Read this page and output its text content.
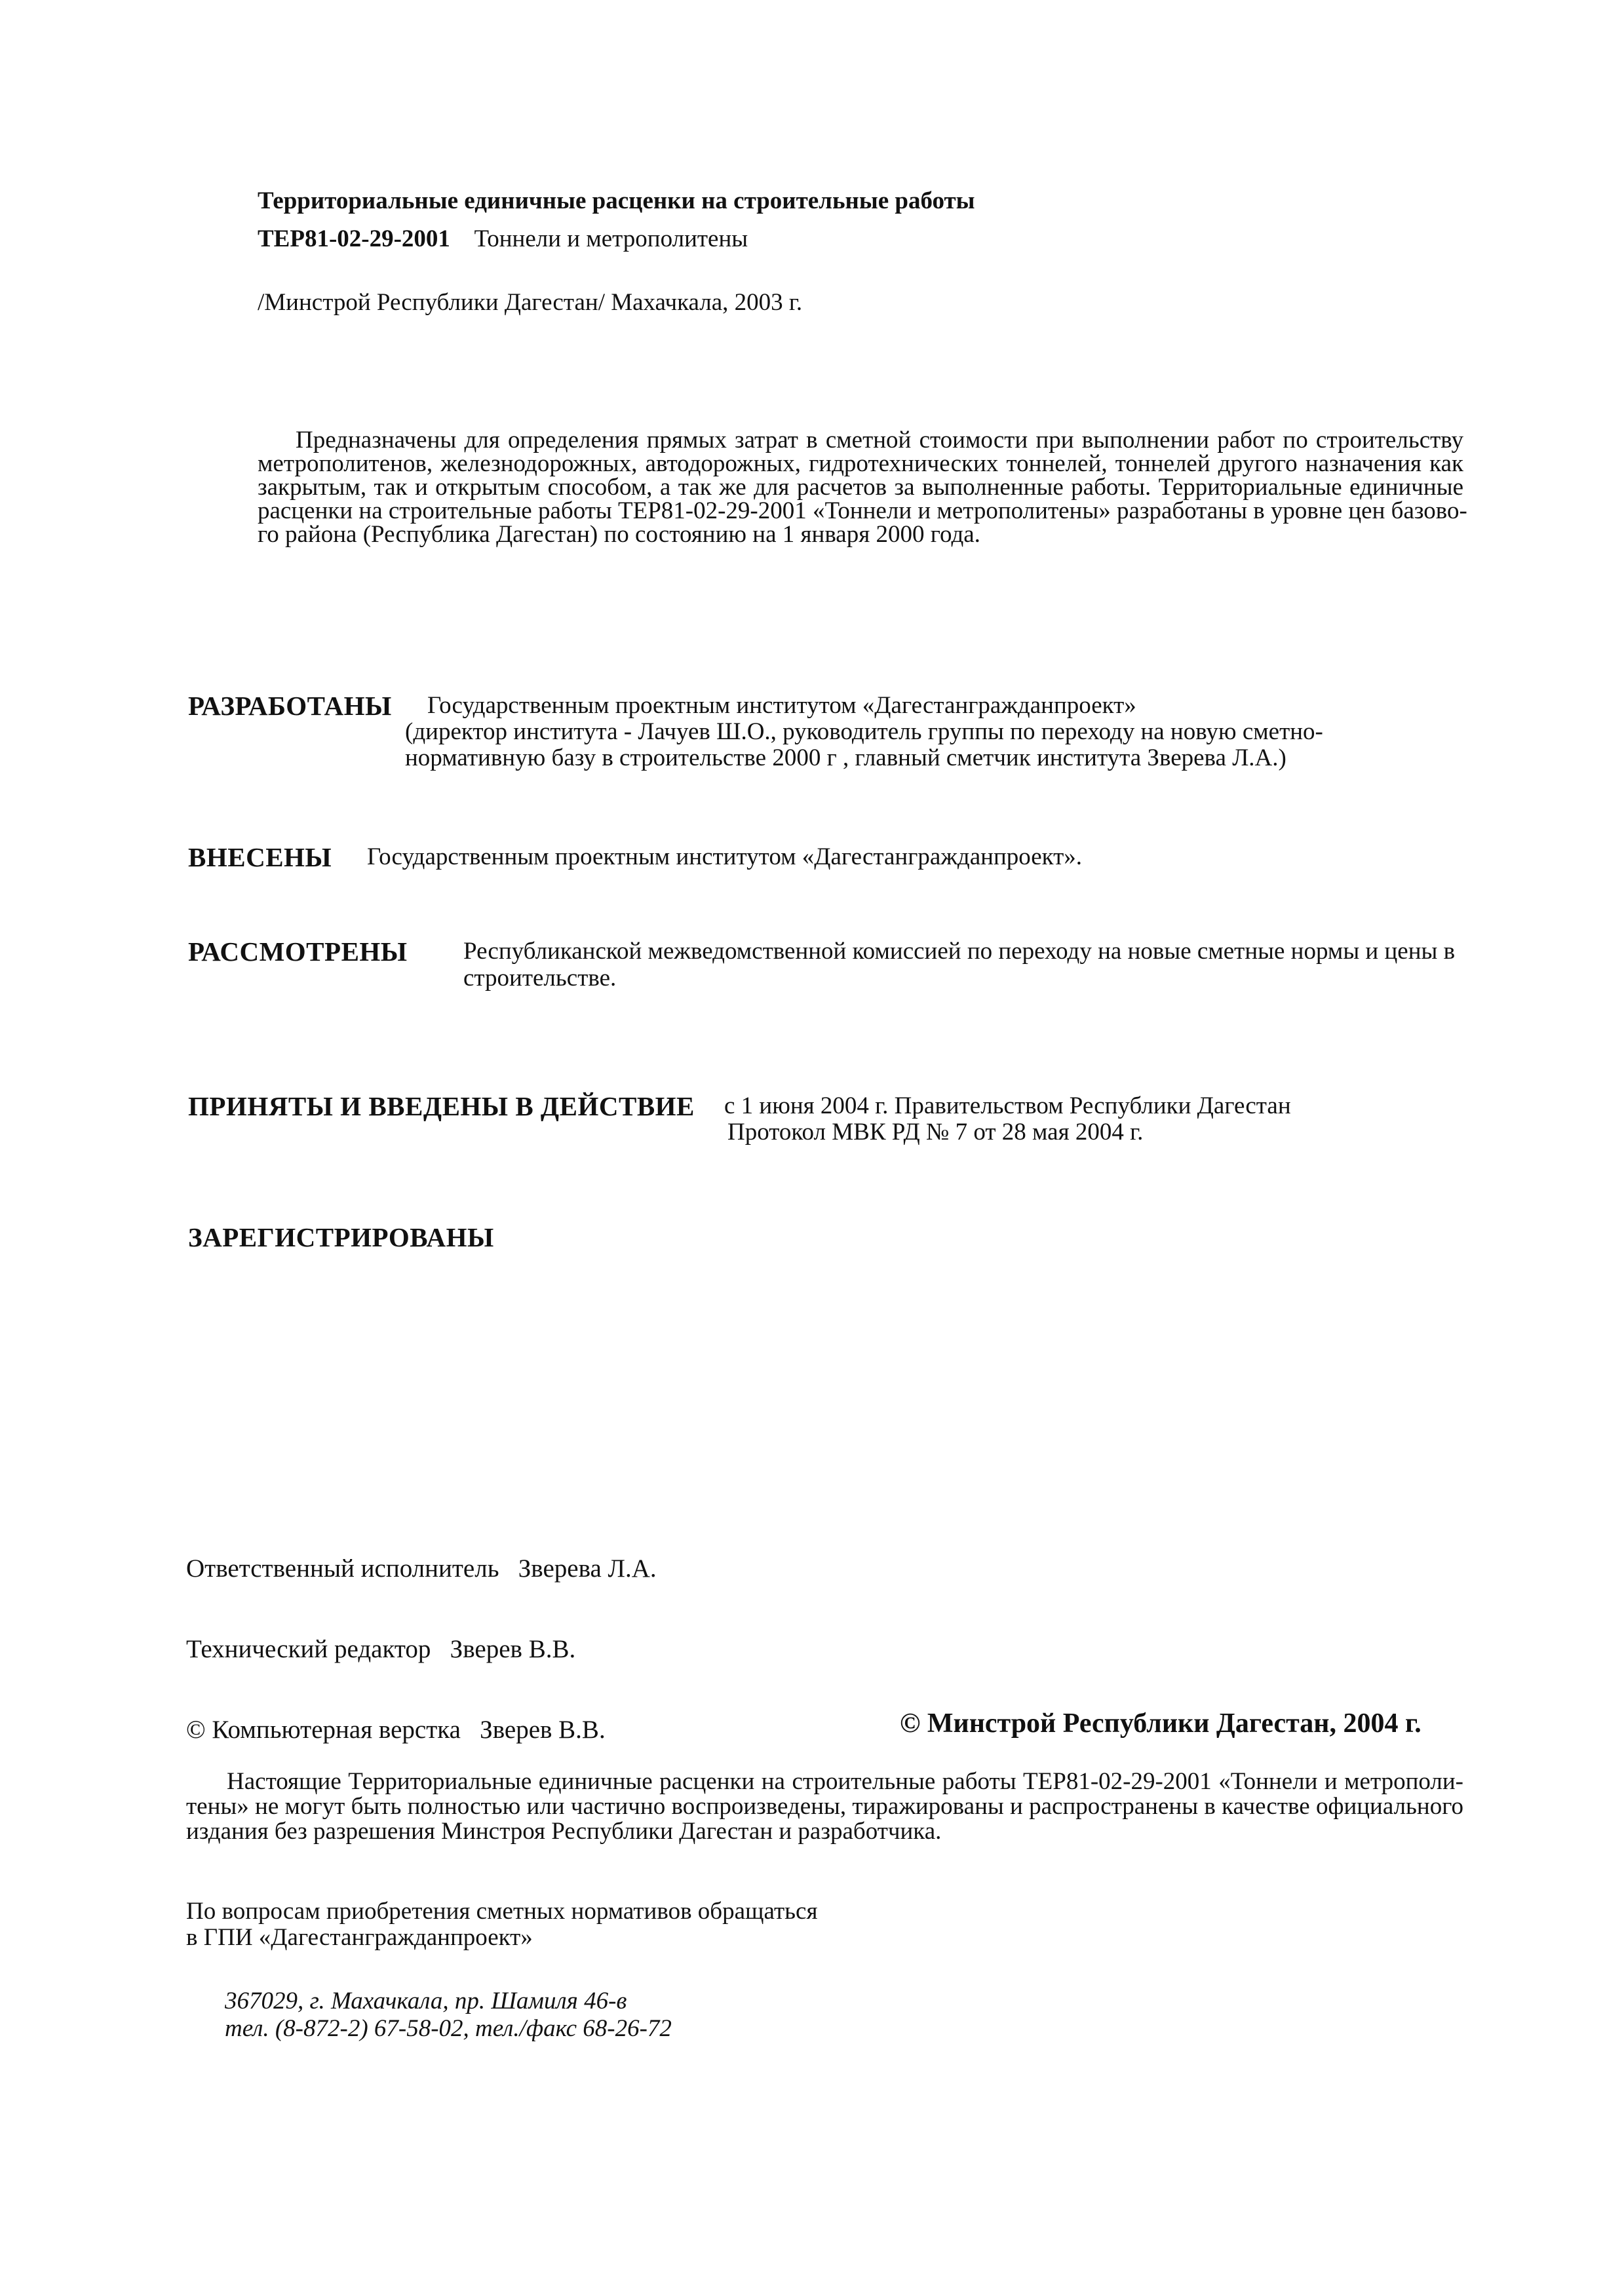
Территориальные единичные расценки на строительные работы
ТЕР81-02-29-2001 Тоннели и метрополитены
/Минстрой Республики Дагестан/ Махачкала, 2003 г.
Предназначены для определения прямых затрат в сметной стоимости при выполнении работ по строительству
метрополитенов, железнодорожных, автодорожных, гидротехнических тоннелей, тоннелей другого назначения как
закрытым, так и открытым способом, а так же для расчетов за выполненные работы. Территориальные единичные
расценки на строительные работы ТЕР81-02-29-2001 «Тоннели и метрополитены» разработаны в уровне цен базово-
го района (Республика Дагестан) по состоянию на 1 января 2000 года.
РАЗРАБОТАНЫ Государственным проектным институтом «Дагестангражданпроект»
(директор института - Лачуев Ш.О., руководитель группы по переходу на новую сметно-
нормативную базу в строительстве 2000 г , главный сметчик института Зверева Л.А.)
ВНЕСЕНЫ Государственным проектным институтом «Дагестангражданпроект».
РАССМОТРЕНЫ Республиканской межведомственной комиссией по переходу на новые сметные нормы и цены в
строительстве.
ПРИНЯТЫ И ВВЕДЕНЫ В ДЕЙСТВИЕ с 1 июня 2004 г. Правительством Республики Дагестан
Протокол МВК РД № 7 от 28 мая 2004 г.
ЗАРЕГИСТРИРОВАНЫ

Ответственный исполнитель   Зверева Л.А.

Технический редактор   Зверев В.В.

© Компьютерная верстка   Зверев В.В.	© Минстрой Республики Дагестан, 2004 г.
Настоящие Территориальные единичные расценки на строительные работы ТЕР81-02-29-2001 «Тоннели и метрополи-
тены» не могут быть полностью или частично воспроизведены, тиражированы и распространены в качестве официального
издания без разрешения Минстроя Республики Дагестан и разработчика.
По вопросам приобретения сметных нормативов обращаться
в ГПИ «Дагестангражданпроект»
367029, г. Махачкала, пр. Шамиля 46-в
тел. (8-872-2) 67-58-02, тел./факс 68-26-72
